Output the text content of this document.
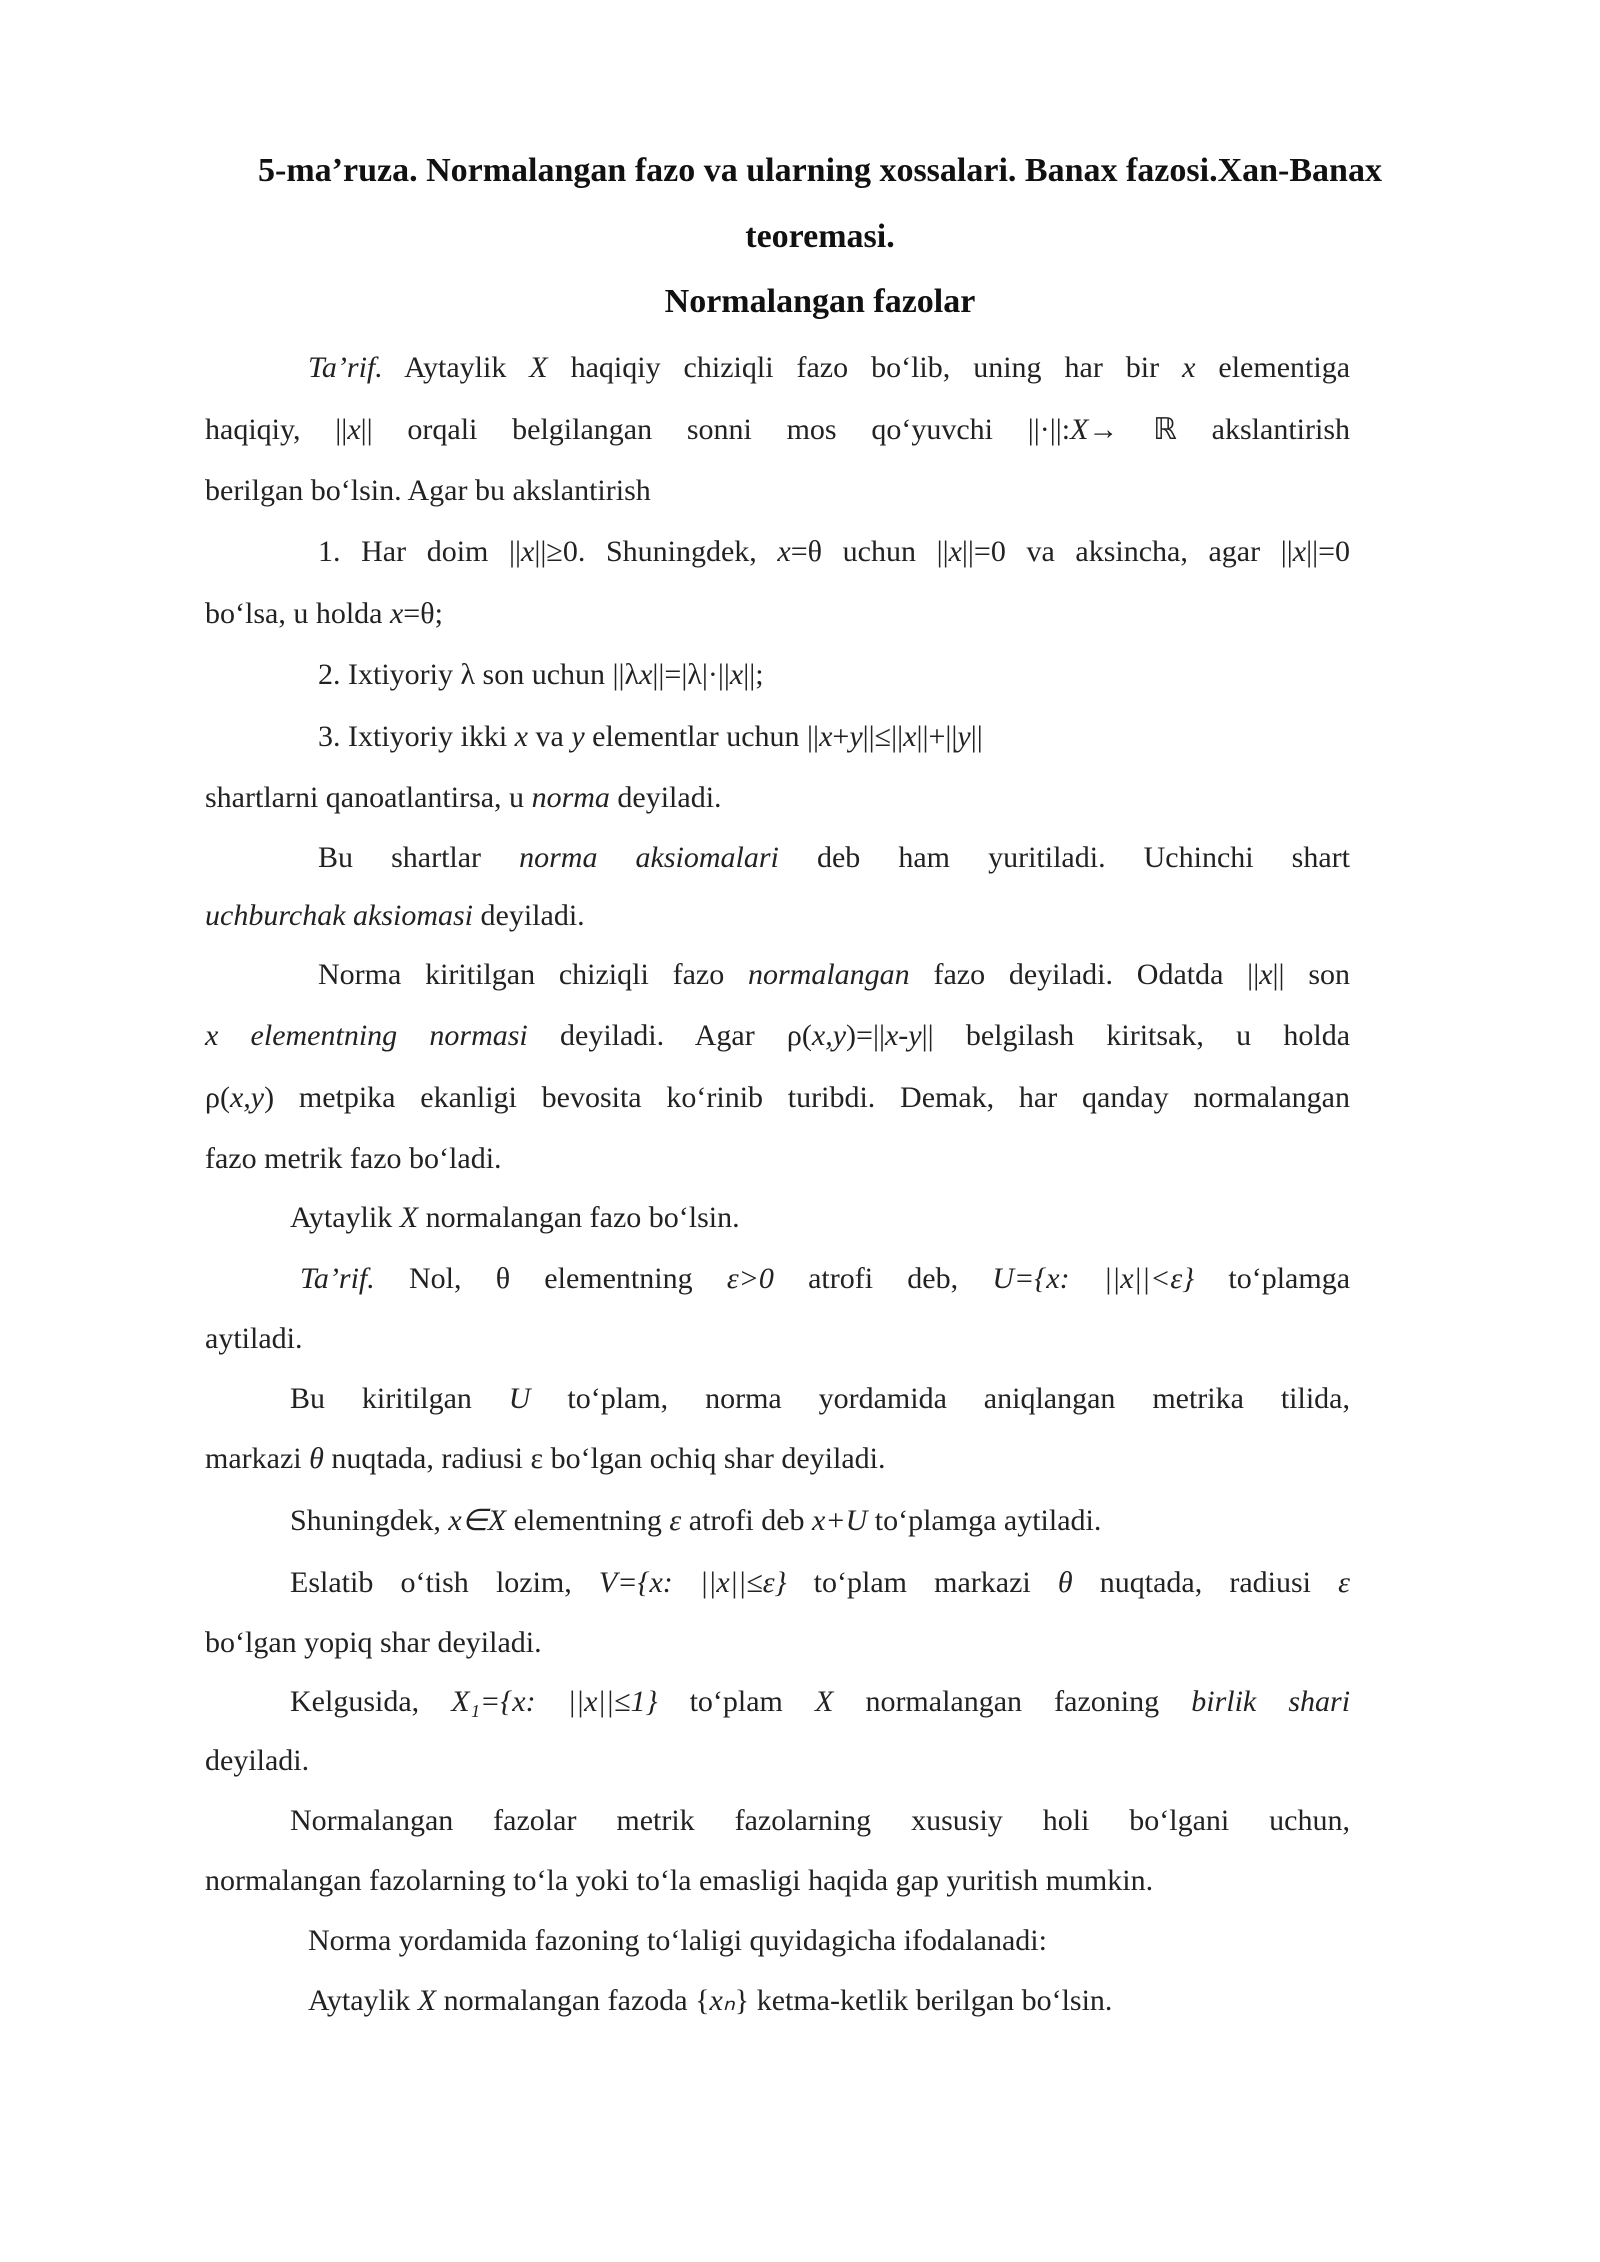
5-ma’ruza. Normalangan fazo va ularning xossalari. Banax fazosi.Xan-Banax

teoremasi.

Normalangan fazolar

Ta’rif. Aytaylik X haqiqiy chiziqli fazo bo‘lib, uning har bir x elementiga

haqiqiy, ||x|| orqali belgilangan sonni mos qo‘yuvchi ||·||:X→ ℝ akslantirish

berilgan bo‘lsin. Agar bu akslantirish

1. Har doim ||x||≥0. Shuningdek, x=θ uchun ||x||=0 va aksincha, agar ||x||=0

bo‘lsa, u holda x=θ;

2. Ixtiyoriy λ son uchun ||λx||=|λ|·||x||;

3. Ixtiyoriy ikki x va y elementlar uchun ||x+y||≤||x||+||y||

shartlarni qanoatlantirsa, u norma deyiladi.

Bu shartlar norma aksiomalari deb ham yuritiladi. Uchinchi shart

uchburchak aksiomasi deyiladi.

Norma kiritilgan chiziqli fazo normalangan fazo deyiladi. Odatda ||x|| son

x elementning normasi deyiladi. Agar ρ(x,y)=||x-y|| belgilash kiritsak, u holda

ρ(x,y) metpika ekanligi bevosita ko‘rinib turibdi. Demak, har qanday normalangan

fazo metrik fazo bo‘ladi.

Aytaylik X normalangan fazo bo‘lsin.

Ta’rif. Nol, θ elementning ε>0 atrofi deb, U={x: ||x||<ε} to‘plamga

aytiladi.

Bu kiritilgan U to‘plam, norma yordamida aniqlangan metrika tilida,

markazi θ nuqtada, radiusi ε bo‘lgan ochiq shar deyiladi.

Shuningdek, x∈X elementning ε atrofi deb x+U to‘plamga aytiladi.

Eslatib o‘tish lozim, V={x: ||x||≤ε} to‘plam markazi θ nuqtada, radiusi ε

bo‘lgan yopiq shar deyiladi.

Kelgusida, X₁={x: ||x||≤1} to‘plam X normalangan fazoning birlik shari

deyiladi.

Normalangan fazolar metrik fazolarning xususiy holi bo‘lgani uchun,

normalangan fazolarning to‘la yoki to‘la emasligi haqida gap yuritish mumkin.

Norma yordamida fazoning to‘laligi quyidagicha ifodalanadi:

Aytaylik X normalangan fazoda {xₙ} ketma-ketlik berilgan bo‘lsin.
